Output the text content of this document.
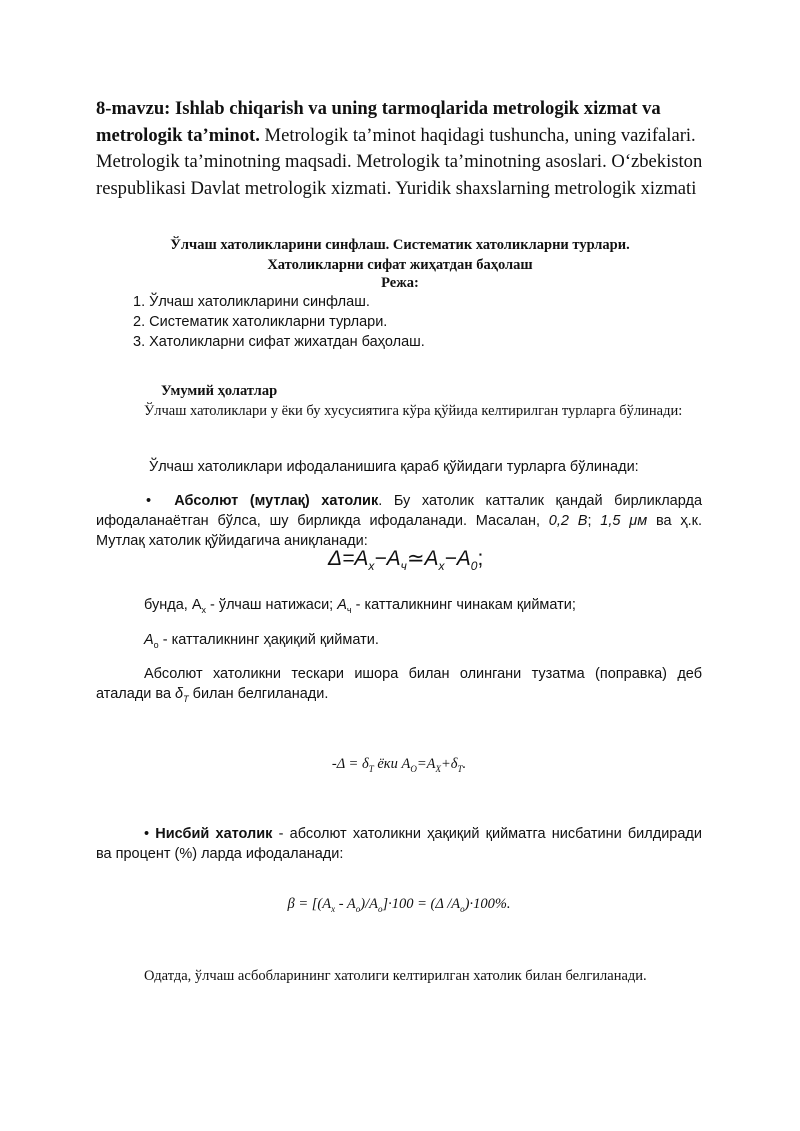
8-mavzu: Ishlab chiqarish va uning tarmoqlarida metrologik xizmat va metrologik ta’minot. Metrologik ta’minot haqidagi tushuncha, uning vazifalari. Metrologik ta’minotning maqsadi. Metrologik ta’minotning asoslari. O‘zbekiston respublikasi Davlat metrologik xizmati. Yuridik shaxslarning metrologik xizmati
Ўлчаш хатоликларини синфлаш. Систематик хатоликларни турлари.
Хатоликларни сифат жиҳатдан баҳолаш
Режа:
1. Ўлчаш хатоликларини синфлаш.
2. Систематик хатоликларни турлари.
3. Хатоликларни сифат жихатдан баҳолаш.
Умумий ҳолатлар
Ўлчаш хатоликлари у ёки бу хусусиятига кўра қўйида келтирилган турларга бўлинади:
Ўлчаш хатоликлари ифодаланишига қараб қўйидаги турларга бўлинади:
• Абсолют (мутлақ) хатолик. Бу хатолик катталик қандай бирликларда ифодаланаётган бўлса, шу бирликда ифодаланади. Масалан, 0,2 В; 1,5 μм ва ҳ.к. Мутлақ хатолик қўйидагича аниқланади:
$\Delta=A_x-A_ч≃A_x-A_0$;
бунда, $A_x$ - ўлчаш натижаси; $A_ч$ - катталикнинг чинакам қиймати;
$A_o$ - катталикнинг ҳақиқий қиймати.
Абсолют хатоликни тескари ишора билан олингани тузатма (поправка) деб аталади ва $\delta_T$ билан белгиланади.
$-\Delta = \delta_T$ ёки $A_O=A_X+\delta_T$.
• Нисбий хатолик - абсолют хатоликни ҳақиқий қийматга нисбатини билдиради ва процент (%) ларда ифодаланади:
$\beta = [(A_x - A_o)/A_o]\cdot 100 = (\Delta$ $/A_o)\cdot 100\%$.
Одатда, ўлчаш асбобларининг хатолиги келтирилган хатолик билан белгиланади.
